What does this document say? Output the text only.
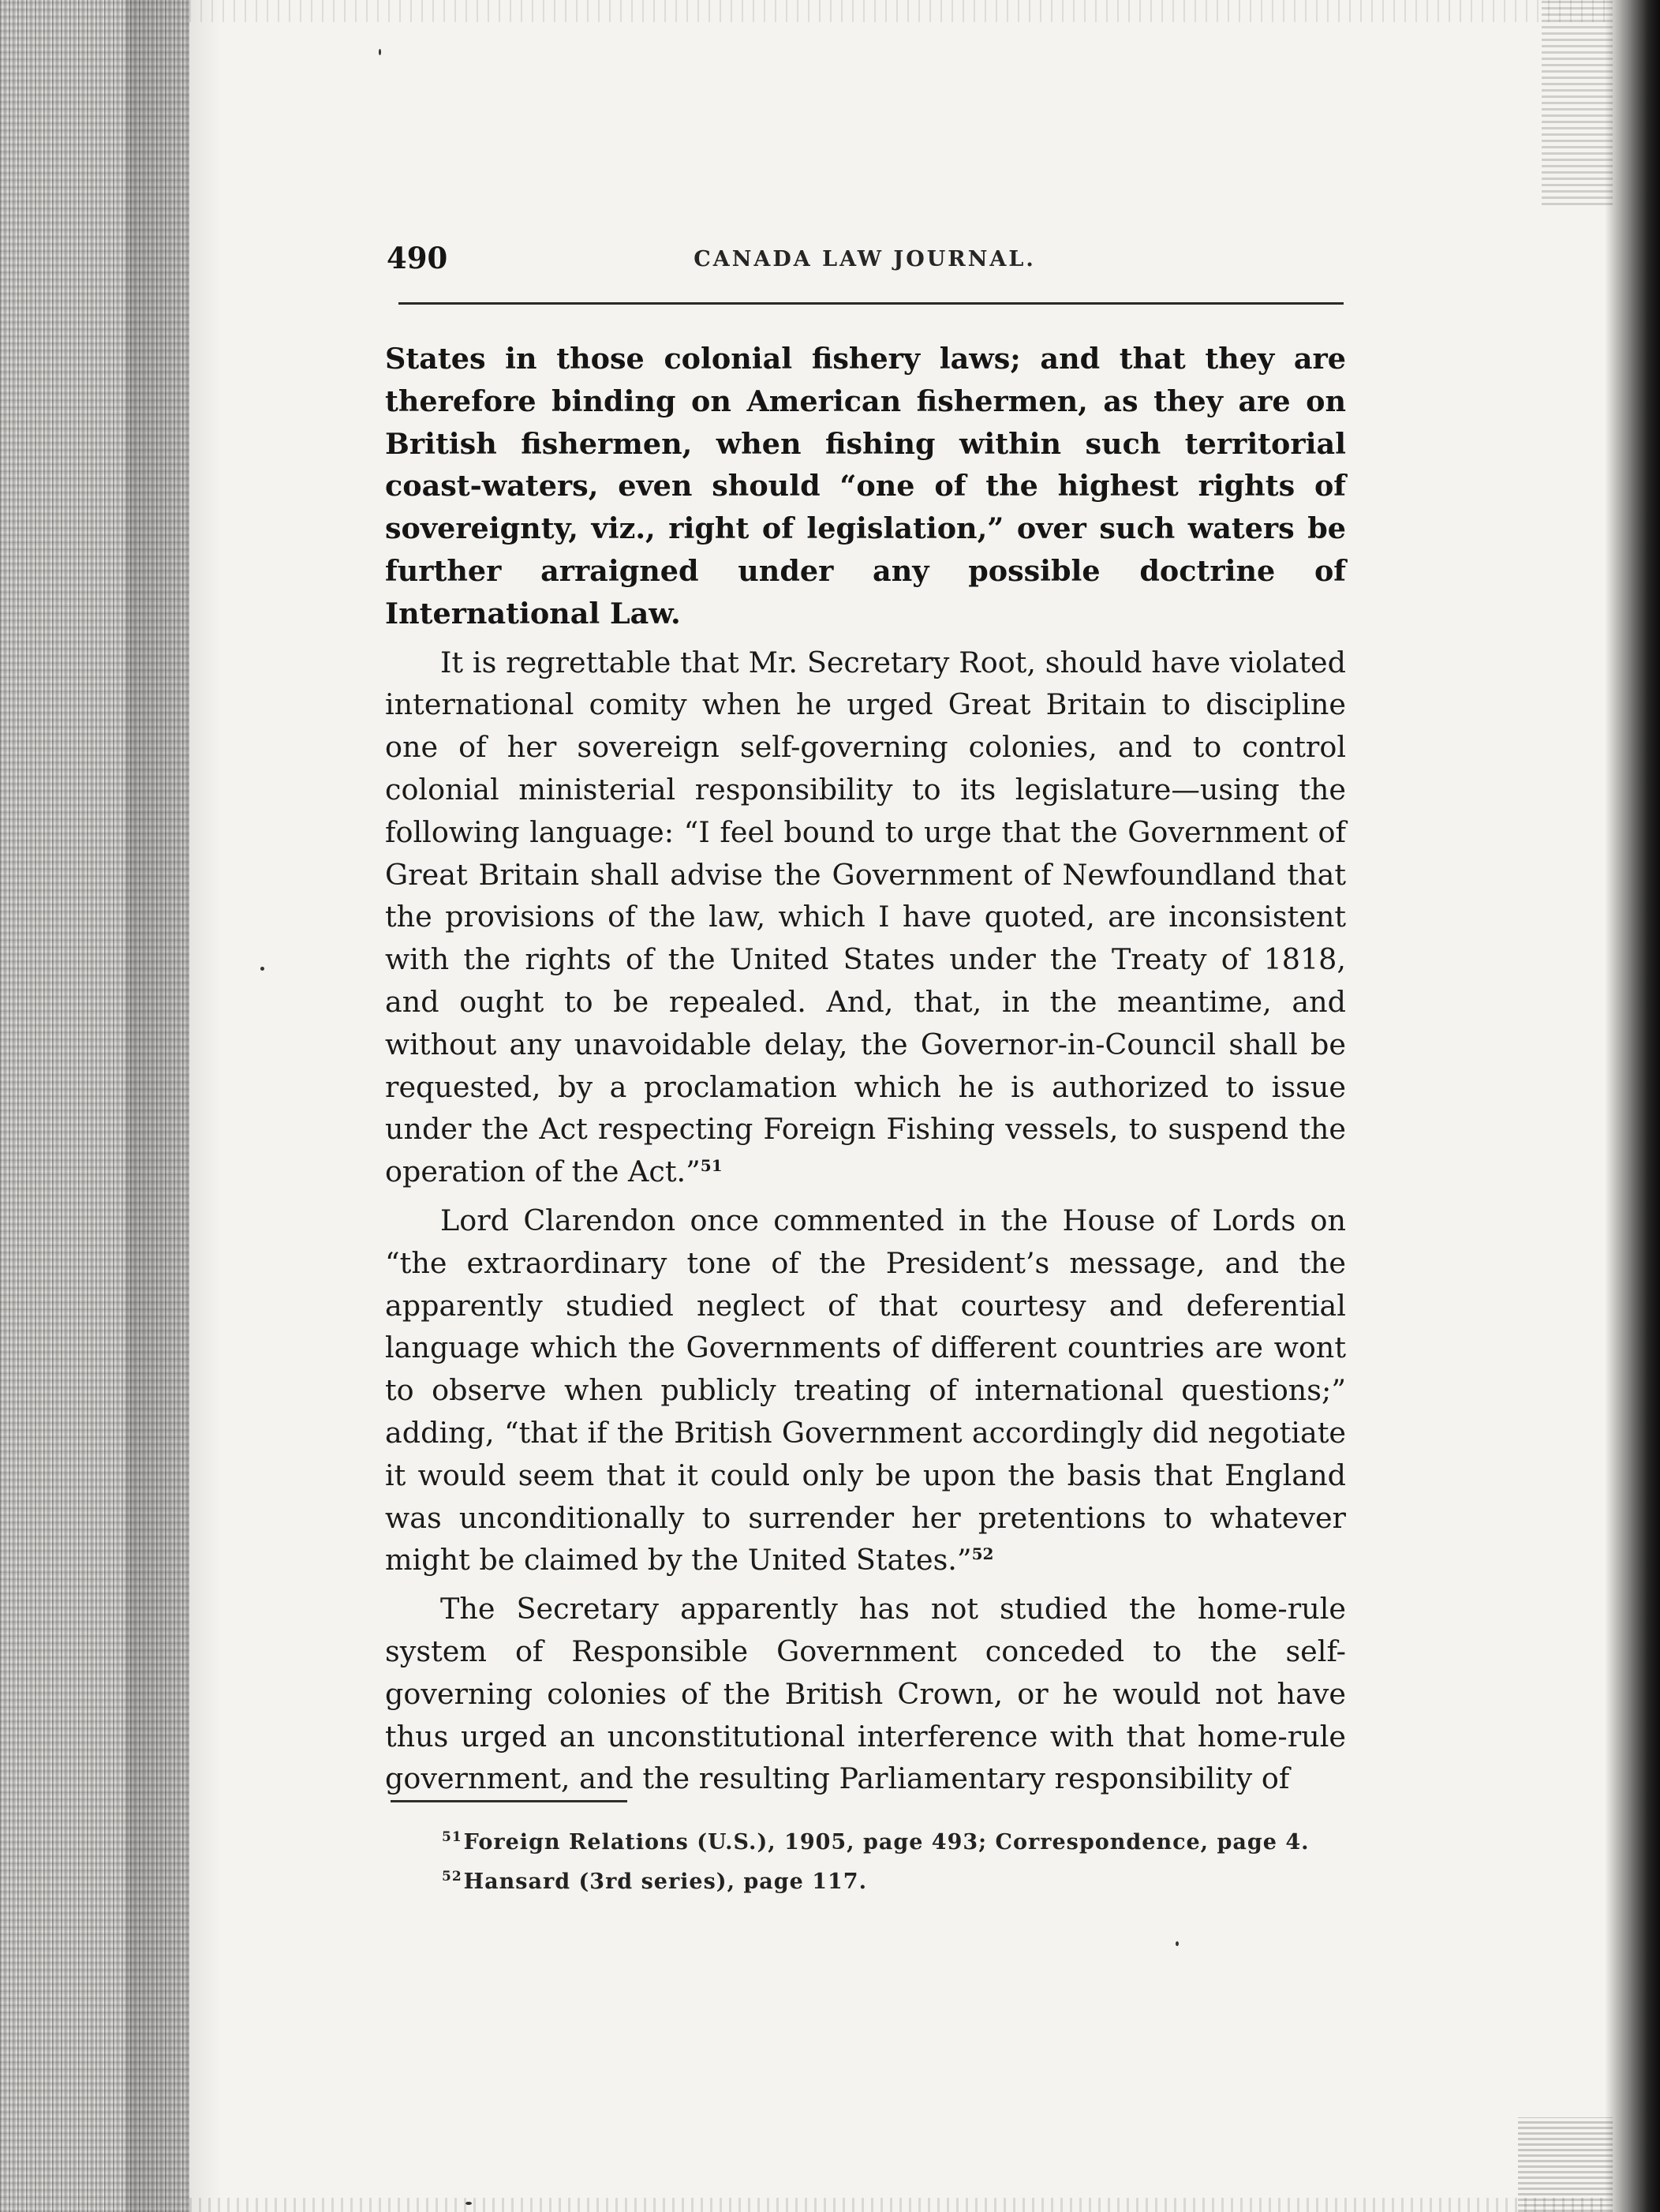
490	CANADA LAW JOURNAL.

States in those colonial fishery laws; and that they are therefore binding on American fishermen, as they are on British fishermen, when fishing within such territorial coast-waters, even should “one of the highest rights of sovereignty, viz., right of legislation,” over such waters be further arraigned under any possible doctrine of International Law.

It is regrettable that Mr. Secretary Root, should have violated international comity when he urged Great Britain to discipline one of her sovereign self-governing colonies, and to control colonial ministerial responsibility to its legislature—using the following language: “I feel bound to urge that the Government of Great Britain shall advise the Government of Newfoundland that the provisions of the law, which I have quoted, are inconsistent with the rights of the United States under the Treaty of 1818, and ought to be repealed. And, that, in the meantime, and without any unavoidable delay, the Governor-in-Council shall be requested, by a proclamation which he is authorized to issue under the Act respecting Foreign Fishing vessels, to suspend the operation of the Act.”$^{51}$

Lord Clarendon once commented in the House of Lords on “the extraordinary tone of the President’s message, and the apparently studied neglect of that courtesy and deferential language which the Governments of different countries are wont to observe when publicly treating of international questions;” adding, “that if the British Government accordingly did negotiate it would seem that it could only be upon the basis that England was unconditionally to surrender her pretentions to whatever might be claimed by the United States.”$^{52}$

The Secretary apparently has not studied the home-rule system of Responsible Government conceded to the self-governing colonies of the British Crown, or he would not have thus urged an unconstitutional interference with that home-rule government, and the resulting Parliamentary responsibility of

$^{51}$Foreign Relations (U.S.), 1905, page 493; Correspondence, page 4.
$^{52}$Hansard (3rd series), page 117.
